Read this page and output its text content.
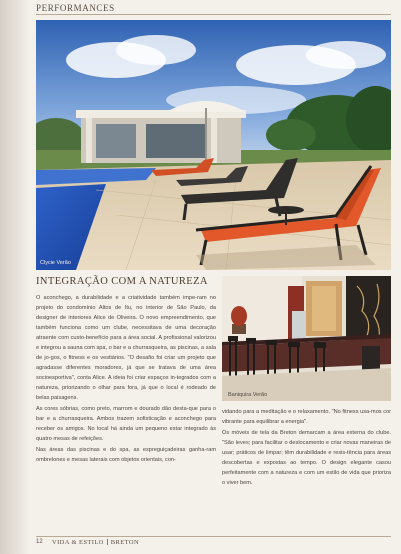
PERFORMANCES
Clycie Verão
INTEGRAÇÃO COM A NATUREZA

O aconchego, a durabilidade e a criatividade também impe-ram no projeto do condomínio Altos de Itu, no interior de São Paulo, da designer de interiores Alice de Oliveira. O novo empreendimento, que também funciona como um clube, necessitava de uma decoração atraente com custo-benefício para a área social. A profissional valorizou e integrou a sauna com spa, o bar e a churrasqueira, as piscinas, a sala de jo-gos, o fitness e os vestiários. "O desafio foi criar um projeto que agradasse diferentes moradores, já que se tratava de uma área socioesportiva", conta Alice. A ideia foi criar espaços in-tegrados com a natureza, priorizando o olhar para fora, já que o local é rodeado de belas paisagens.

As cores sóbrias, como preto, marrom e dourado dão desta-que para o bar e a churrasqueira. Ambos trazem sofisticação e aconchego para receber os amigos. No local há ainda um pequeno estar integrado às quatro mesas de refeições.

Nas áreas das piscinas e do spa, as espreguiçadeiras ganha-ram ombrelones e mesas laterais com objetos orientais, con-

Baniquira Verão

vidando para a meditação e o relaxamento. "No fitness usa-mos cor vibrante para equilibrar a energia".

Os móveis de tela da Breton demarcam a área externa do clube. "São leves; para facilitar o deslocamento e criar novas maneiras de usar; práticos de limpar; têm durabilidade e resis-tência para áreas descobertas e expostas ao tempo. O design elegante casou perfeitamente com a natureza e com um estilo de vida que prioriza o viver bem.

12 VIDA & ESTILO BRETON
